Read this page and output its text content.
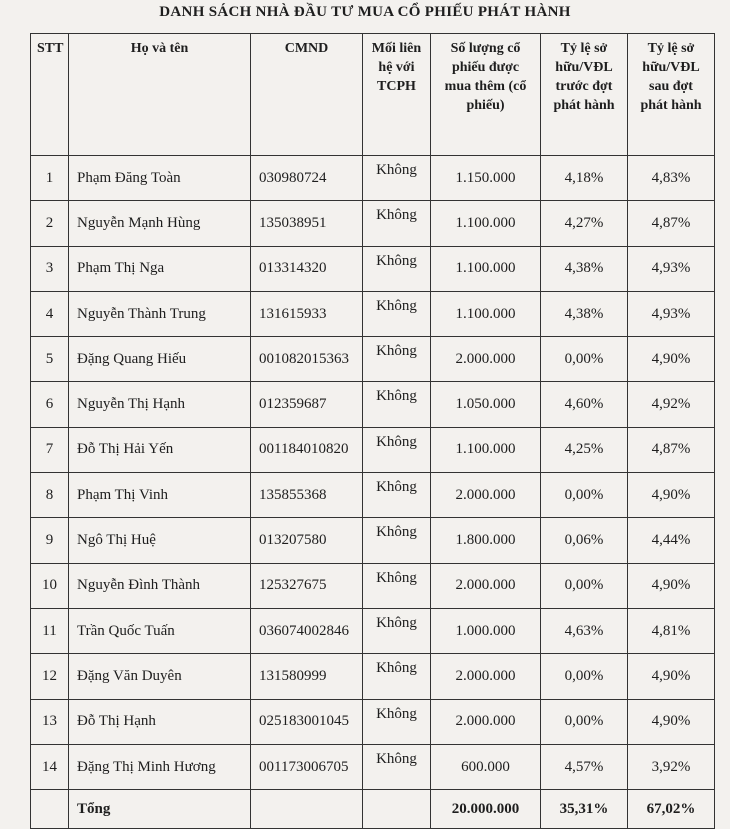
DANH SÁCH NHÀ ĐẦU TƯ MUA CỔ PHIẾU PHÁT HÀNH
STT	Họ và tên	CMND	Mối liên hệ với TCPH	Số lượng cổ phiếu được mua thêm (cổ phiếu)	Tỷ lệ sở hữu/VĐL trước đợt phát hành	Tỷ lệ sở hữu/VĐL sau đợt phát hành
1	Phạm Đăng Toàn	030980724	Không	1.150.000	4,18%	4,83%
2	Nguyễn Mạnh Hùng	135038951	Không	1.100.000	4,27%	4,87%
3	Phạm Thị Nga	013314320	Không	1.100.000	4,38%	4,93%
4	Nguyễn Thành Trung	131615933	Không	1.100.000	4,38%	4,93%
5	Đặng Quang Hiếu	001082015363	Không	2.000.000	0,00%	4,90%
6	Nguyễn Thị Hạnh	012359687	Không	1.050.000	4,60%	4,92%
7	Đỗ Thị Hải Yến	001184010820	Không	1.100.000	4,25%	4,87%
8	Phạm Thị Vinh	135855368	Không	2.000.000	0,00%	4,90%
9	Ngô Thị Huệ	013207580	Không	1.800.000	0,06%	4,44%
10	Nguyễn Đình Thành	125327675	Không	2.000.000	0,00%	4,90%
11	Trần Quốc Tuấn	036074002846	Không	1.000.000	4,63%	4,81%
12	Đặng Văn Duyên	131580999	Không	2.000.000	0,00%	4,90%
13	Đỗ Thị Hạnh	025183001045	Không	2.000.000	0,00%	4,90%
14	Đặng Thị Minh Hương	001173006705	Không	600.000	4,57%	3,92%
	Tổng			20.000.000	35,31%	67,02%
